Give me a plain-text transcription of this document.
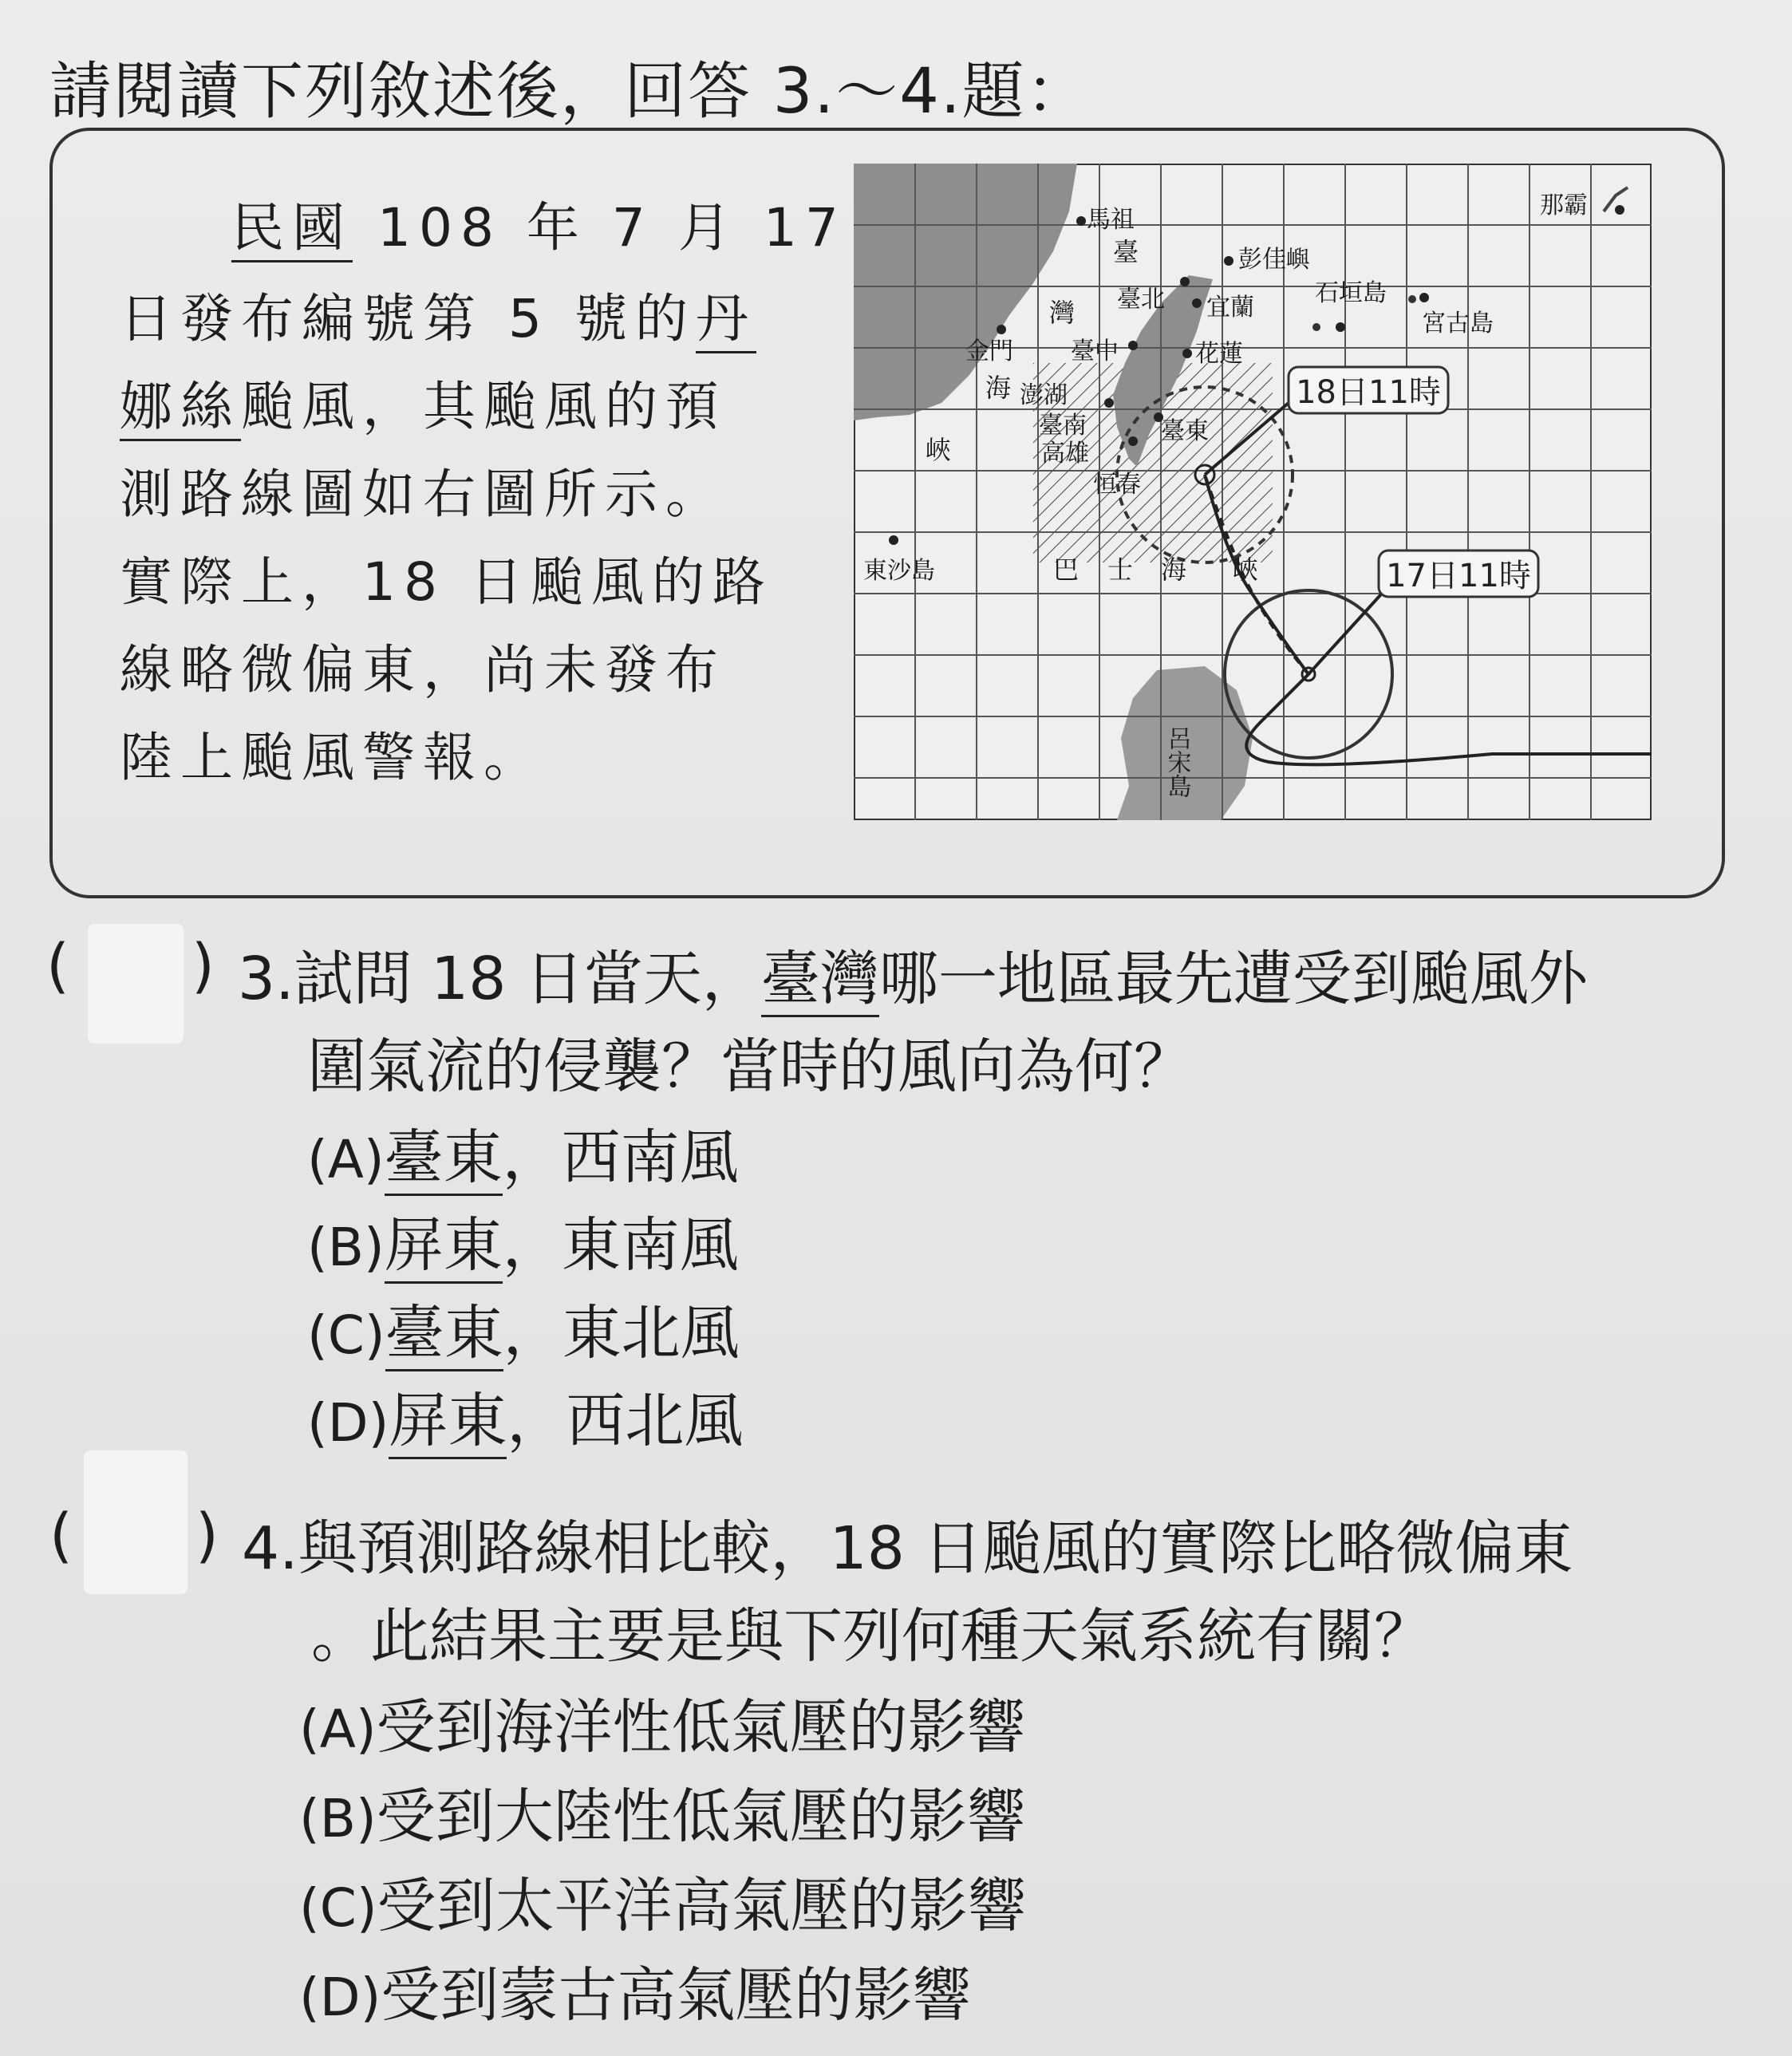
請閱讀下列敘述後，回答 3.～4.題：
民國 108 年 7 月 17
日發布編號第 5 號的丹
娜絲颱風，其颱風的預
測路線圖如右圖所示。
實際上，18 日颱風的路
線略微偏東，尚未發布
陸上颱風警報。
18日11時
17日11時
馬祖
臺
灣
海
峽
彭佳嶼
臺北 宜蘭
金門 臺中	花蓮
澎湖
臺南	臺東
高雄
恒春
東沙島	巴 士 海 峽
那霸
石垣島
宮古島
呂宋島
( ) 3.試問 18 日當天，臺灣哪一地區最先遭受到颱風外
圍氣流的侵襲？當時的風向為何？
(A)臺東，西南風
(B)屏東，東南風
(C)臺東，東北風
(D)屏東，西北風
( ) 4.與預測路線相比較，18 日颱風的實際比略微偏東
。此結果主要是與下列何種天氣系統有關？
(A)受到海洋性低氣壓的影響
(B)受到大陸性低氣壓的影響
(C)受到太平洋高氣壓的影響
(D)受到蒙古高氣壓的影響
